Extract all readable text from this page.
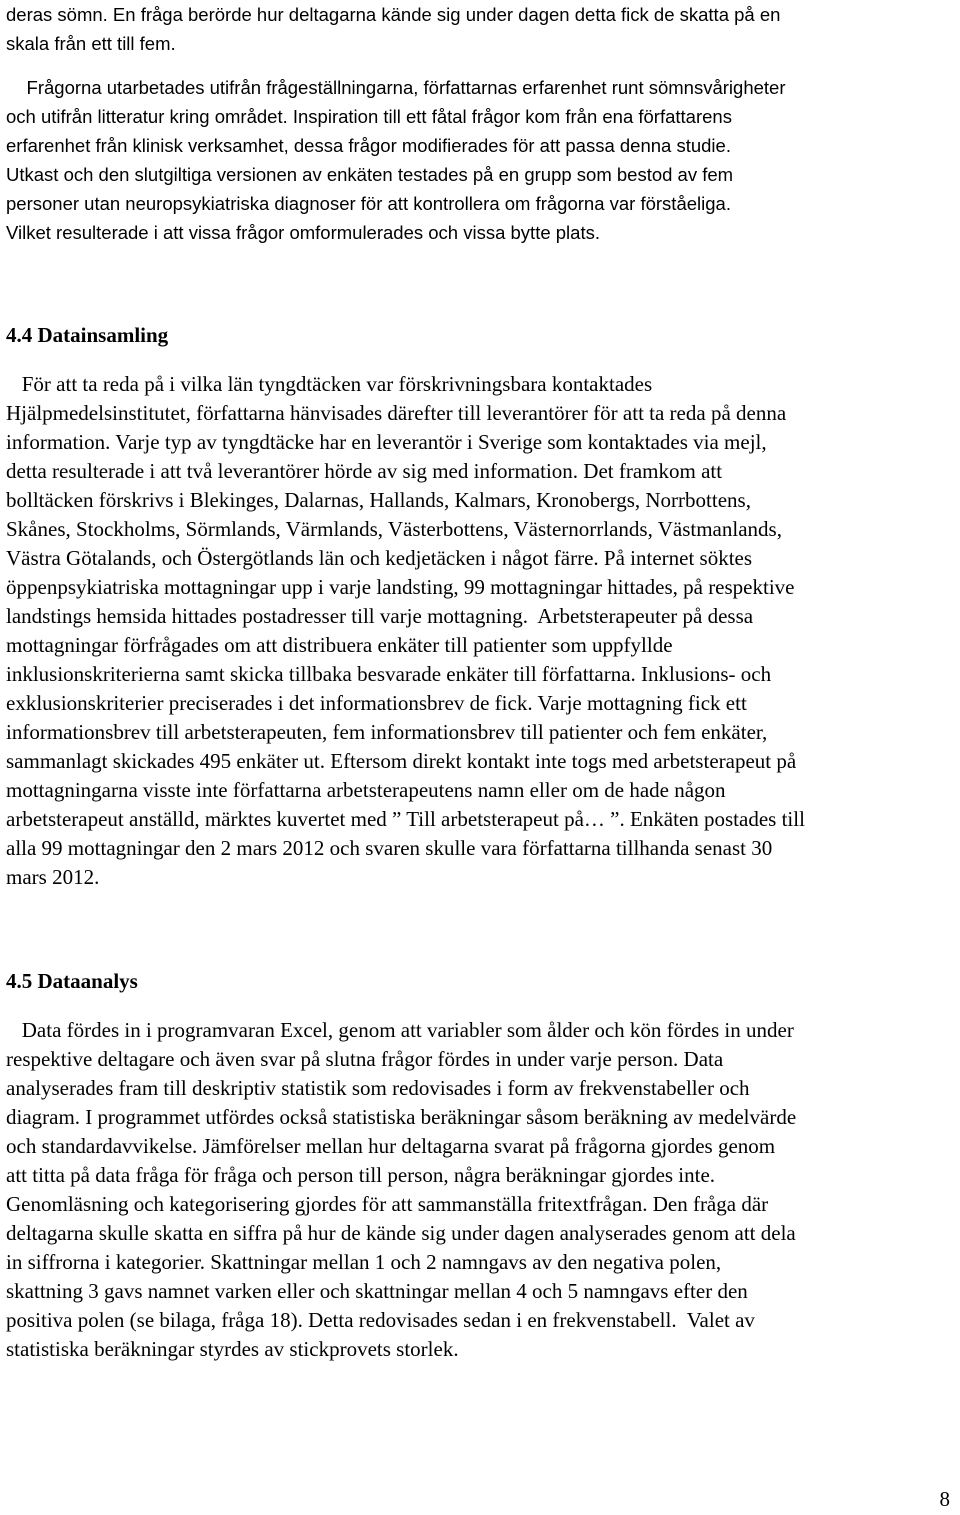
deras sömn. En fråga berörde hur deltagarna kände sig under dagen detta fick de skatta på en
skala från ett till fem.
Frågorna utarbetades utifrån frågeställningarna, författarnas erfarenhet runt sömnsvårigheter
och utifrån litteratur kring området. Inspiration till ett fåtal frågor kom från ena författarens
erfarenhet från klinisk verksamhet, dessa frågor modifierades för att passa denna studie.
Utkast och den slutgiltiga versionen av enkäten testades på en grupp som bestod av fem
personer utan neuropsykiatriska diagnoser för att kontrollera om frågorna var förståeliga.
Vilket resulterade i att vissa frågor omformulerades och vissa bytte plats.
4.4 Datainsamling
För att ta reda på i vilka län tyngdtäcken var förskrivningsbara kontaktades
Hjälpmedelsinstitutet, författarna hänvisades därefter till leverantörer för att ta reda på denna
information. Varje typ av tyngdtäcke har en leverantör i Sverige som kontaktades via mejl,
detta resulterade i att två leverantörer hörde av sig med information. Det framkom att
bolltäcken förskrivs i Blekinges, Dalarnas, Hallands, Kalmars, Kronobergs, Norrbottens,
Skånes, Stockholms, Sörmlands, Värmlands, Västerbottens, Västernorrlands, Västmanlands,
Västra Götalands, och Östergötlands län och kedjetäcken i något färre. På internet söktes
öppenpsykiatriska mottagningar upp i varje landsting, 99 mottagningar hittades, på respektive
landstings hemsida hittades postadresser till varje mottagning.  Arbetsterapeuter på dessa
mottagningar förfrågades om att distribuera enkäter till patienter som uppfyllde
inklusionskriterierna samt skicka tillbaka besvarade enkäter till författarna. Inklusions- och
exklusionskriterier preciserades i det informationsbrev de fick. Varje mottagning fick ett
informationsbrev till arbetsterapeuten, fem informationsbrev till patienter och fem enkäter,
sammanlagt skickades 495 enkäter ut. Eftersom direkt kontakt inte togs med arbetsterapeut på
mottagningarna visste inte författarna arbetsterapeutens namn eller om de hade någon
arbetsterapeut anställd, märktes kuvertet med ” Till arbetsterapeut på… ”. Enkäten postades till
alla 99 mottagningar den 2 mars 2012 och svaren skulle vara författarna tillhanda senast 30
mars 2012.
4.5 Dataanalys
Data fördes in i programvaran Excel, genom att variabler som ålder och kön fördes in under
respektive deltagare och även svar på slutna frågor fördes in under varje person. Data
analyserades fram till deskriptiv statistik som redovisades i form av frekvenstabeller och
diagram. I programmet utfördes också statistiska beräkningar såsom beräkning av medelvärde
och standardavvikelse. Jämförelser mellan hur deltagarna svarat på frågorna gjordes genom
att titta på data fråga för fråga och person till person, några beräkningar gjordes inte.
Genomläsning och kategorisering gjordes för att sammanställa fritextfrågan. Den fråga där
deltagarna skulle skatta en siffra på hur de kände sig under dagen analyserades genom att dela
in siffrorna i kategorier. Skattningar mellan 1 och 2 namngavs av den negativa polen,
skattning 3 gavs namnet varken eller och skattningar mellan 4 och 5 namngavs efter den
positiva polen (se bilaga, fråga 18). Detta redovisades sedan i en frekvenstabell.  Valet av
statistiska beräkningar styrdes av stickprovets storlek.
8
